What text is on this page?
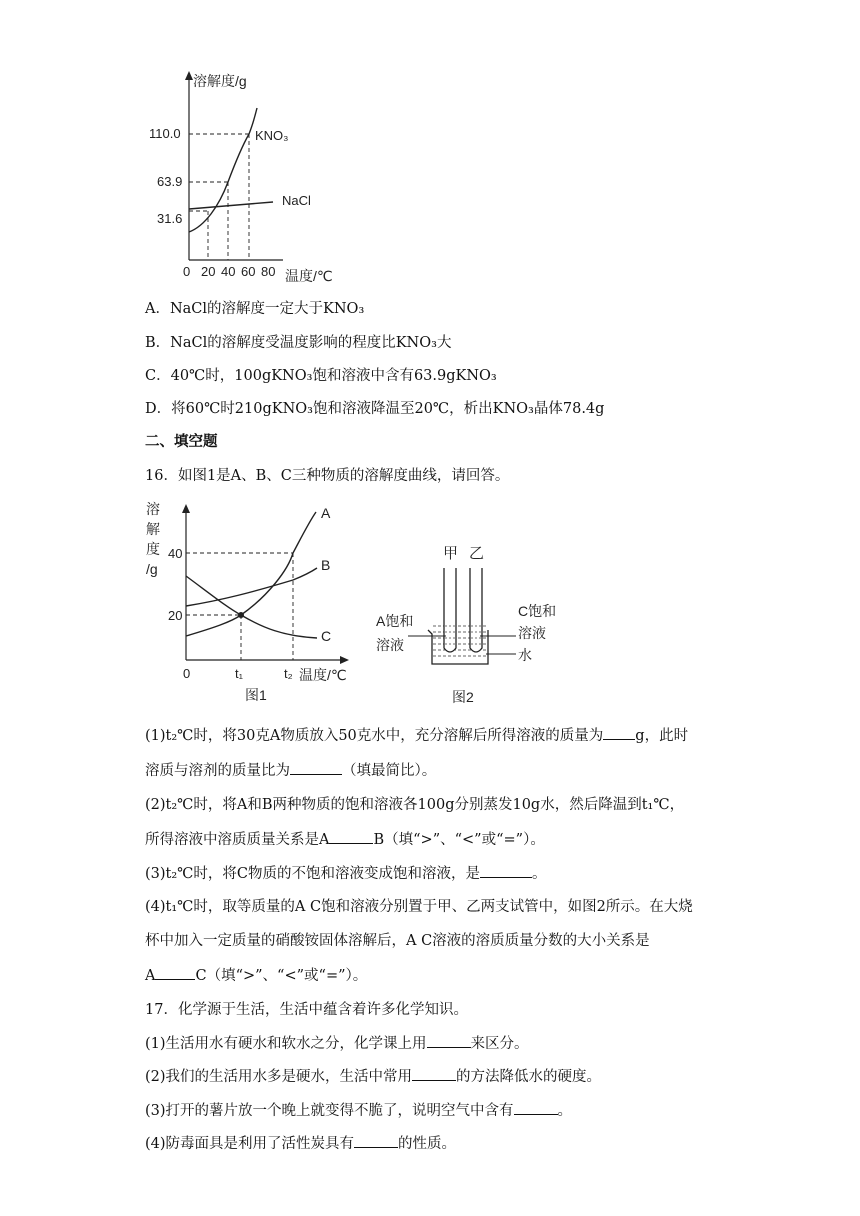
溶解度/g
110.0
63.9
31.6
KNO₃
NaCl
0 20 40 60 80 温度/℃
A．NaCl的溶解度一定大于KNO₃
B．NaCl的溶解度受温度影响的程度比KNO₃大
C．40℃时，100gKNO₃饱和溶液中含有63.9gKNO₃
D．将60℃时210gKNO₃饱和溶液降温至20℃，析出KNO₃晶体78.4g
二、填空题
16．如图1是A、B、C三种物质的溶解度曲线，请回答。
溶
解
度
/g
40
20
0	t₁	t₂ 温度/℃
A
B
C
图1
甲 乙
A饱和
溶液
C饱和
溶液
水
图2
(1)t₂℃时，将30克A物质放入50克水中，充分溶解后所得溶液的质量为 g，此时
溶质与溶剂的质量比为	（填最简比）。
(2)t₂℃时，将A和B两种物质的饱和溶液各100g分别蒸发10g水，然后降温到t₁℃，
所得溶液中溶质质量关系是A	B（填“>”、“<”或“=”）。
(3)t₂℃时，将C物质的不饱和溶液变成饱和溶液，是	。
(4)t₁℃时，取等质量的A C饱和溶液分别置于甲、乙两支试管中，如图2所示。在大烧
杯中加入一定质量的硝酸铵固体溶解后，A C溶液的溶质质量分数的大小关系是
A	C（填“>”、“<”或“=”）。
17．化学源于生活，生活中蕴含着许多化学知识。
(1)生活用水有硬水和软水之分，化学课上用	来区分。
(2)我们的生活用水多是硬水，生活中常用	的方法降低水的硬度。
(3)打开的薯片放一个晚上就变得不脆了，说明空气中含有	。
(4)防毒面具是利用了活性炭具有	的性质。
